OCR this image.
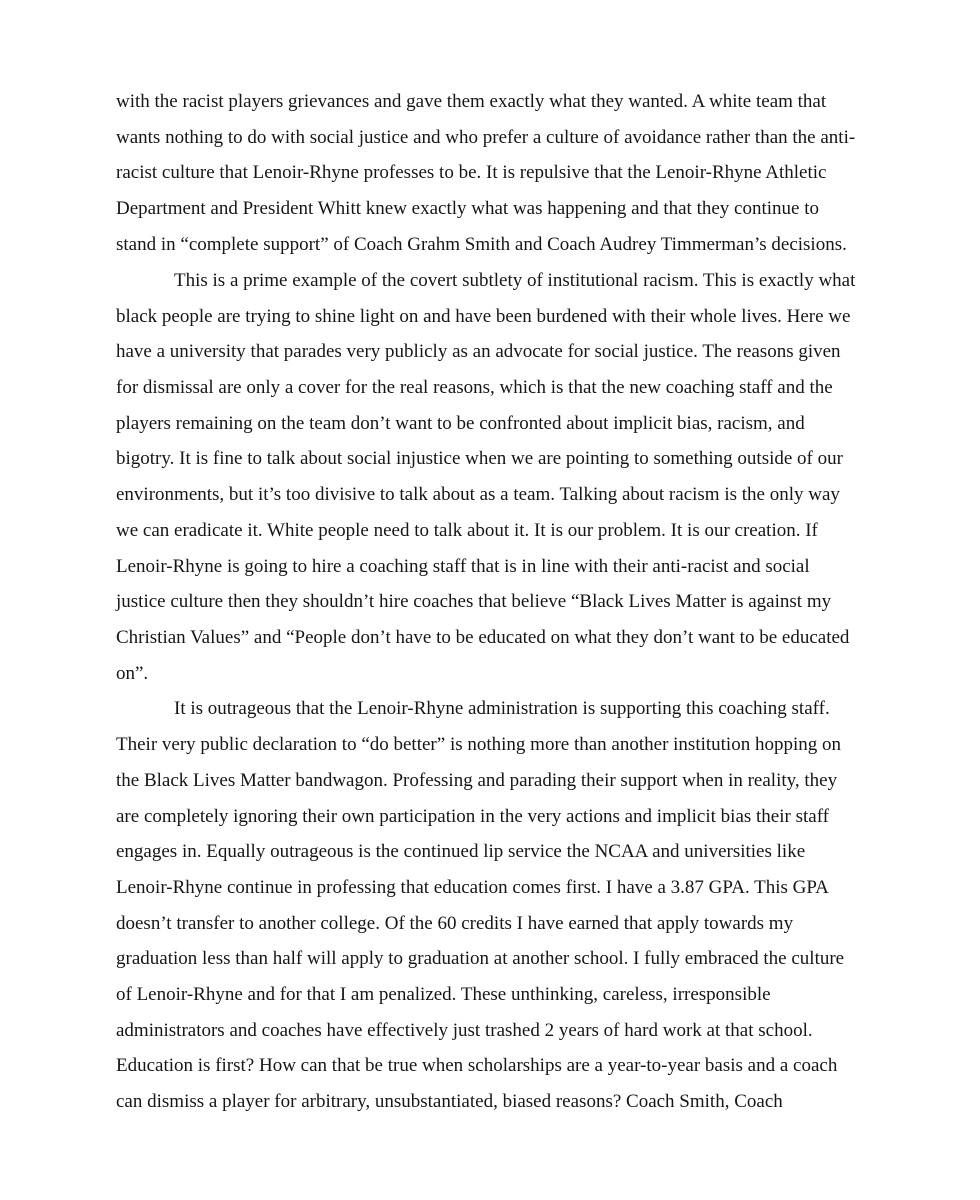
with the racist players grievances and gave them exactly what they wanted. A white team that

wants nothing to do with social justice and who prefer a culture of avoidance rather than the anti-

racist culture that Lenoir-Rhyne professes to be. It is repulsive that the Lenoir-Rhyne Athletic

Department and President Whitt knew exactly what was happening and that they continue to

stand in “complete support” of Coach Grahm Smith and Coach Audrey Timmerman’s decisions.

This is a prime example of the covert subtlety of institutional racism. This is exactly what

black people are trying to shine light on and have been burdened with their whole lives. Here we

have a university that parades very publicly as an advocate for social justice. The reasons given

for dismissal are only a cover for the real reasons, which is that the new coaching staff and the

players remaining on the team don’t want to be confronted about implicit bias, racism, and

bigotry. It is fine to talk about social injustice when we are pointing to something outside of our

environments, but it’s too divisive to talk about as a team. Talking about racism is the only way

we can eradicate it. White people need to talk about it. It is our problem. It is our creation. If

Lenoir-Rhyne is going to hire a coaching staff that is in line with their anti-racist and social

justice culture then they shouldn’t hire coaches that believe “Black Lives Matter is against my

Christian Values” and “People don’t have to be educated on what they don’t want to be educated

on”.

It is outrageous that the Lenoir-Rhyne administration is supporting this coaching staff.

Their very public declaration to “do better” is nothing more than another institution hopping on

the Black Lives Matter bandwagon. Professing and parading their support when in reality, they

are completely ignoring their own participation in the very actions and implicit bias their staff

engages in. Equally outrageous is the continued lip service the NCAA and universities like

Lenoir-Rhyne continue in professing that education comes first. I have a 3.87 GPA. This GPA

doesn’t transfer to another college. Of the 60 credits I have earned that apply towards my

graduation less than half will apply to graduation at another school. I fully embraced the culture

of Lenoir-Rhyne and for that I am penalized. These unthinking, careless, irresponsible

administrators and coaches have effectively just trashed 2 years of hard work at that school.

Education is first? How can that be true when scholarships are a year-to-year basis and a coach

can dismiss a player for arbitrary, unsubstantiated, biased reasons? Coach Smith, Coach
